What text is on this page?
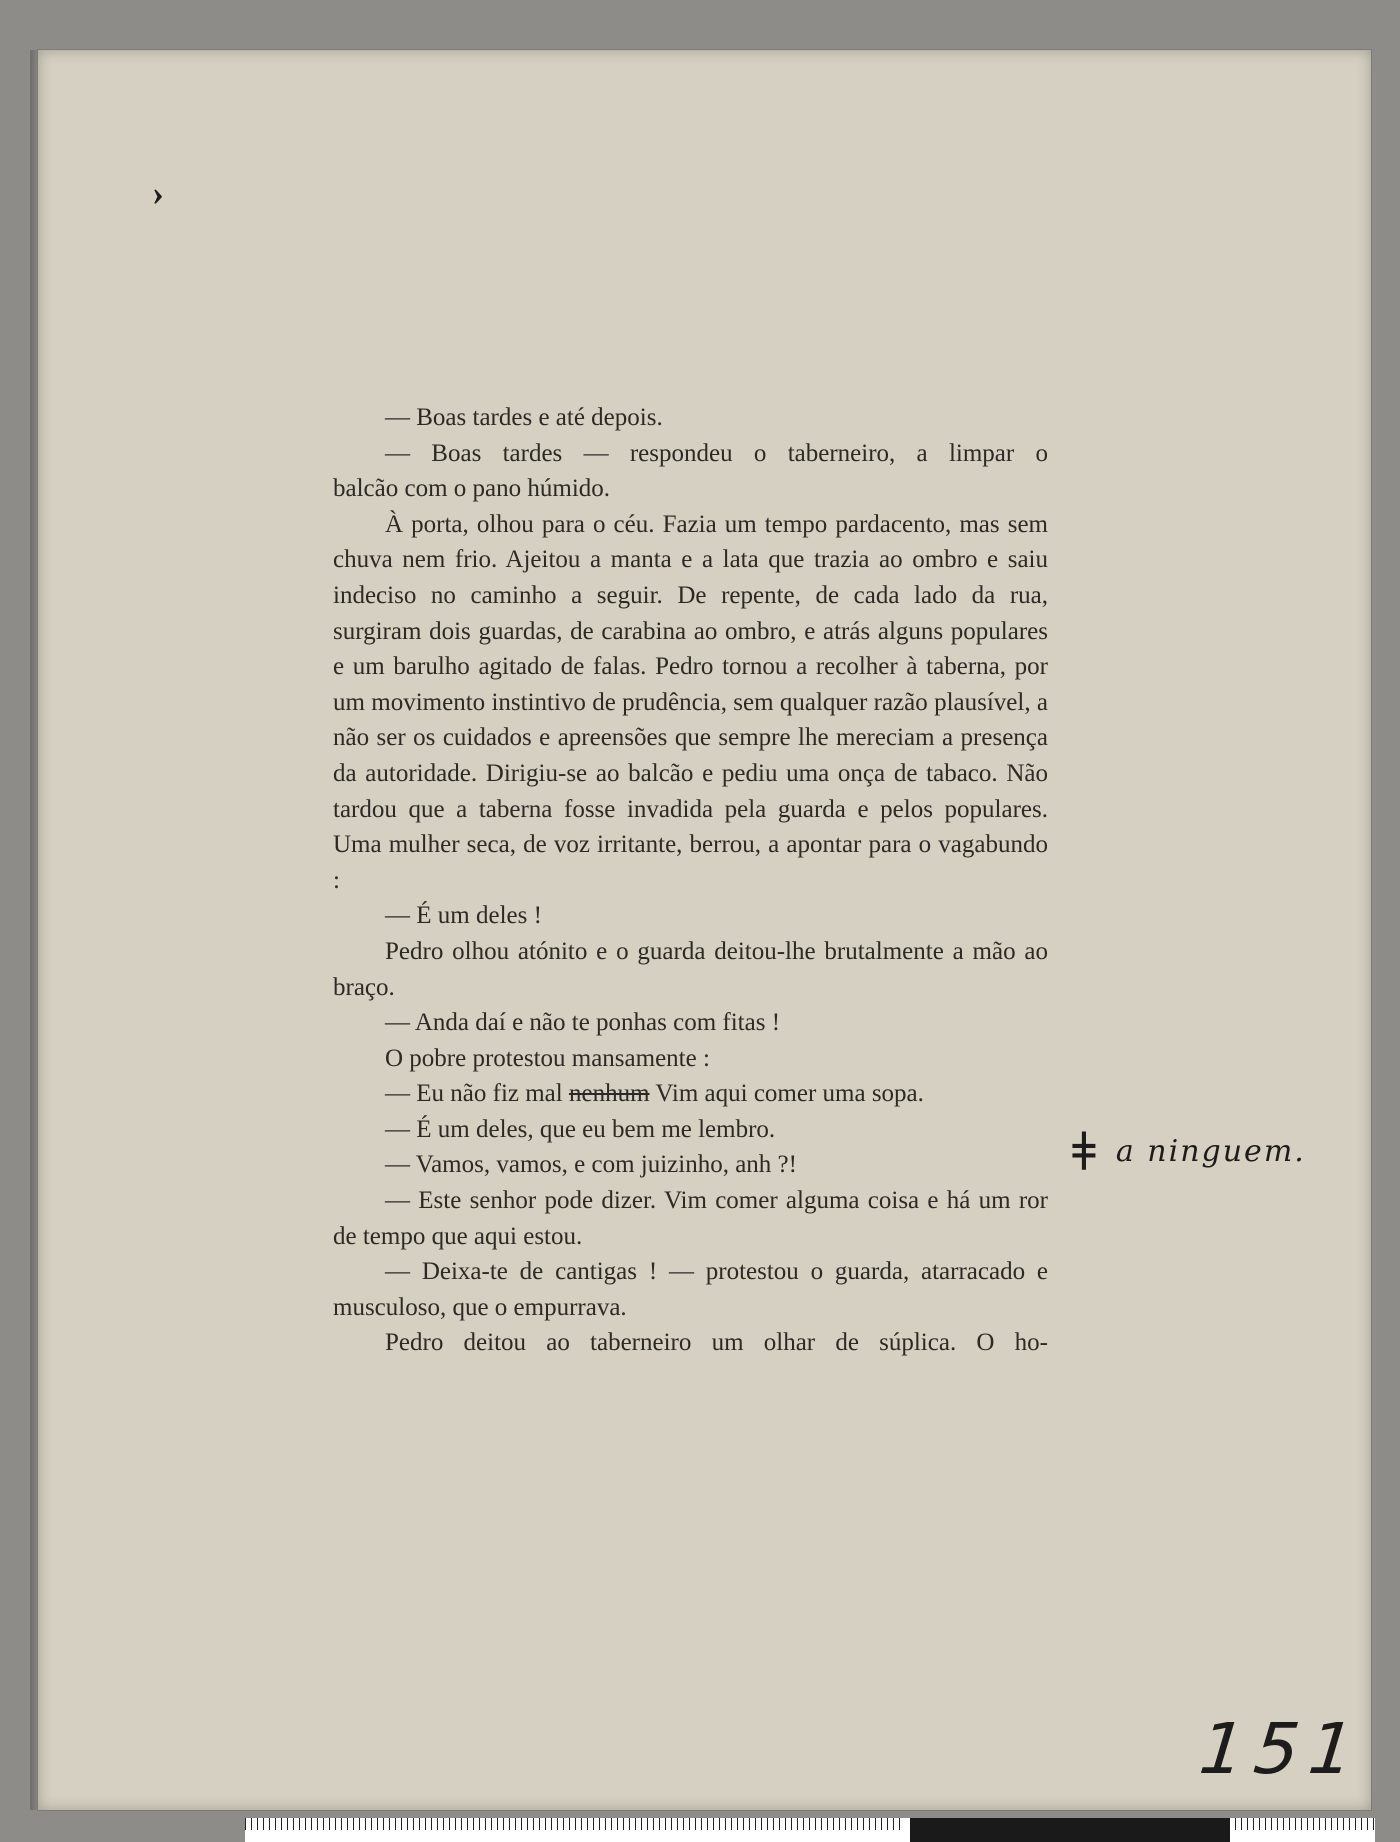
›

— Boas tardes e até depois.

— Boas tardes — respondeu o taberneiro, a limpar o

balcão com o pano húmido.

À porta, olhou para o céu. Fazia um tempo pardacento, mas sem chuva nem frio. Ajeitou a manta e a lata que trazia ao ombro e saiu indeciso no caminho a seguir. De repente, de cada lado da rua, surgiram dois guardas, de carabina ao ombro, e atrás alguns populares e um barulho agitado de falas. Pedro tornou a recolher à taberna, por um movimento instintivo de prudência, sem qualquer razão plausível, a não ser os cuidados e apreensões que sempre lhe mereciam a presença da autoridade. Dirigiu-se ao balcão e pediu uma onça de tabaco. Não tardou que a taberna fosse invadida pela guarda e pelos populares. Uma mulher seca, de voz irritante, berrou, a apontar para o vagabundo :

— É um deles !

Pedro olhou atónito e o guarda deitou-lhe brutalmente a mão ao braço.

— Anda daí e não te ponhas com fitas !

O pobre protestou mansamente :

— Eu não fiz mal nenhum Vim aqui comer uma sopa.

— É um deles, que eu bem me lembro.

— Vamos, vamos, e com juizinho, anh ?!

— Este senhor pode dizer. Vim comer alguma coisa e há um ror de tempo que aqui estou.

— Deixa-te de cantigas ! — protestou o guarda, atarracado e musculoso, que o empurrava.

Pedro deitou ao taberneiro um olhar de súplica. O ho-

ǂa ninguem.
151
